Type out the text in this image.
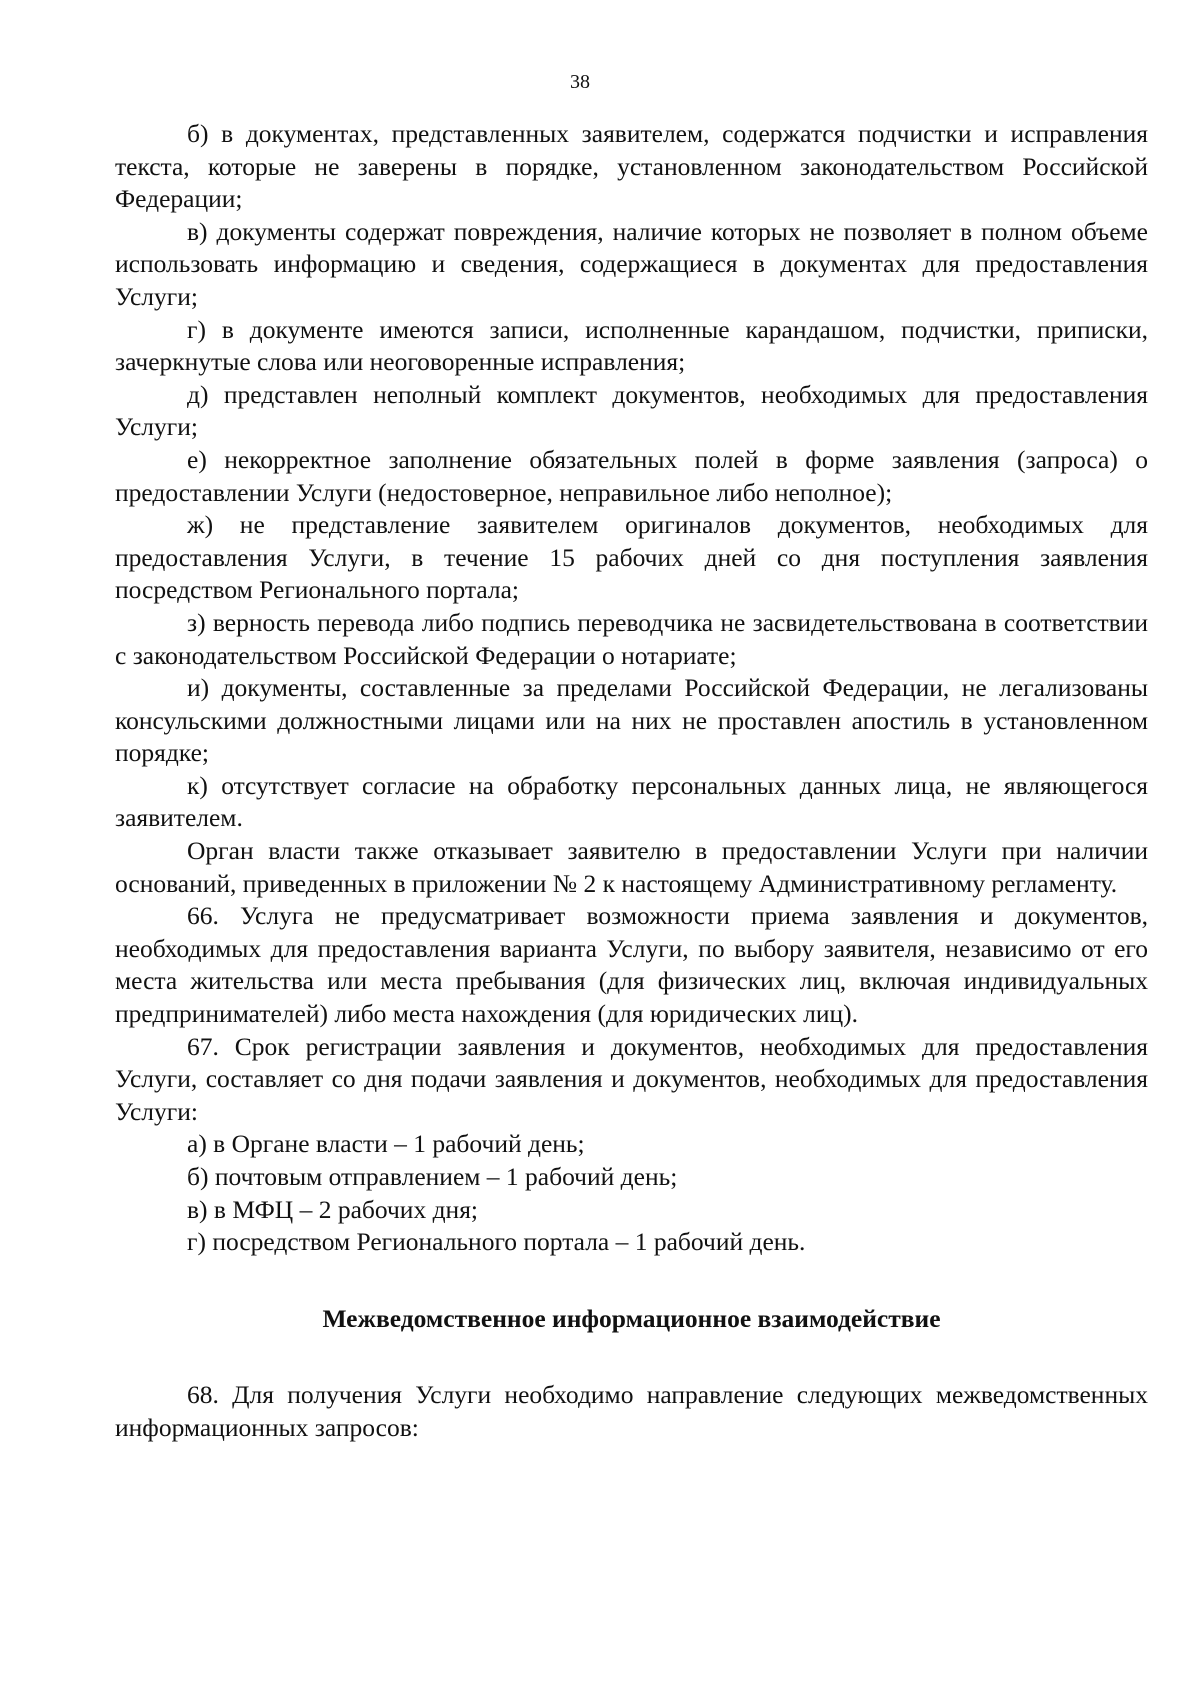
38

б) в документах, представленных заявителем, содержатся подчистки и исправления текста, которые не заверены в порядке, установленном законодательством Российской Федерации;

в) документы содержат повреждения, наличие которых не позволяет в полном объеме использовать информацию и сведения, содержащиеся в документах для предоставления Услуги;

г) в документе имеются записи, исполненные карандашом, подчистки, приписки, зачеркнутые слова или неоговоренные исправления;

д) представлен неполный комплект документов, необходимых для предоставления Услуги;

е) некорректное заполнение обязательных полей в форме заявления (запроса) о предоставлении Услуги (недостоверное, неправильное либо неполное);

ж) не представление заявителем оригиналов документов, необходимых для предоставления Услуги, в течение 15 рабочих дней со дня поступления заявления посредством Регионального портала;

з) верность перевода либо подпись переводчика не засвидетельствована в соответствии с законодательством Российской Федерации о нотариате;

и) документы, составленные за пределами Российской Федерации, не легализованы консульскими должностными лицами или на них не проставлен апостиль в установленном порядке;

к) отсутствует согласие на обработку персональных данных лица, не являющегося заявителем.

Орган власти также отказывает заявителю в предоставлении Услуги при наличии оснований, приведенных в приложении № 2 к настоящему Административному регламенту.

66. Услуга не предусматривает возможности приема заявления и документов, необходимых для предоставления варианта Услуги, по выбору заявителя, независимо от его места жительства или места пребывания (для физических лиц, включая индивидуальных предпринимателей) либо места нахождения (для юридических лиц).

67. Срок регистрации заявления и документов, необходимых для предоставления Услуги, составляет со дня подачи заявления и документов, необходимых для предоставления Услуги:

а) в Органе власти – 1 рабочий день;

б) почтовым отправлением – 1 рабочий день;

в) в МФЦ – 2 рабочих дня;

г) посредством Регионального портала – 1 рабочий день.

Межведомственное информационное взаимодействие

68. Для получения Услуги необходимо направление следующих межведомственных информационных запросов:
